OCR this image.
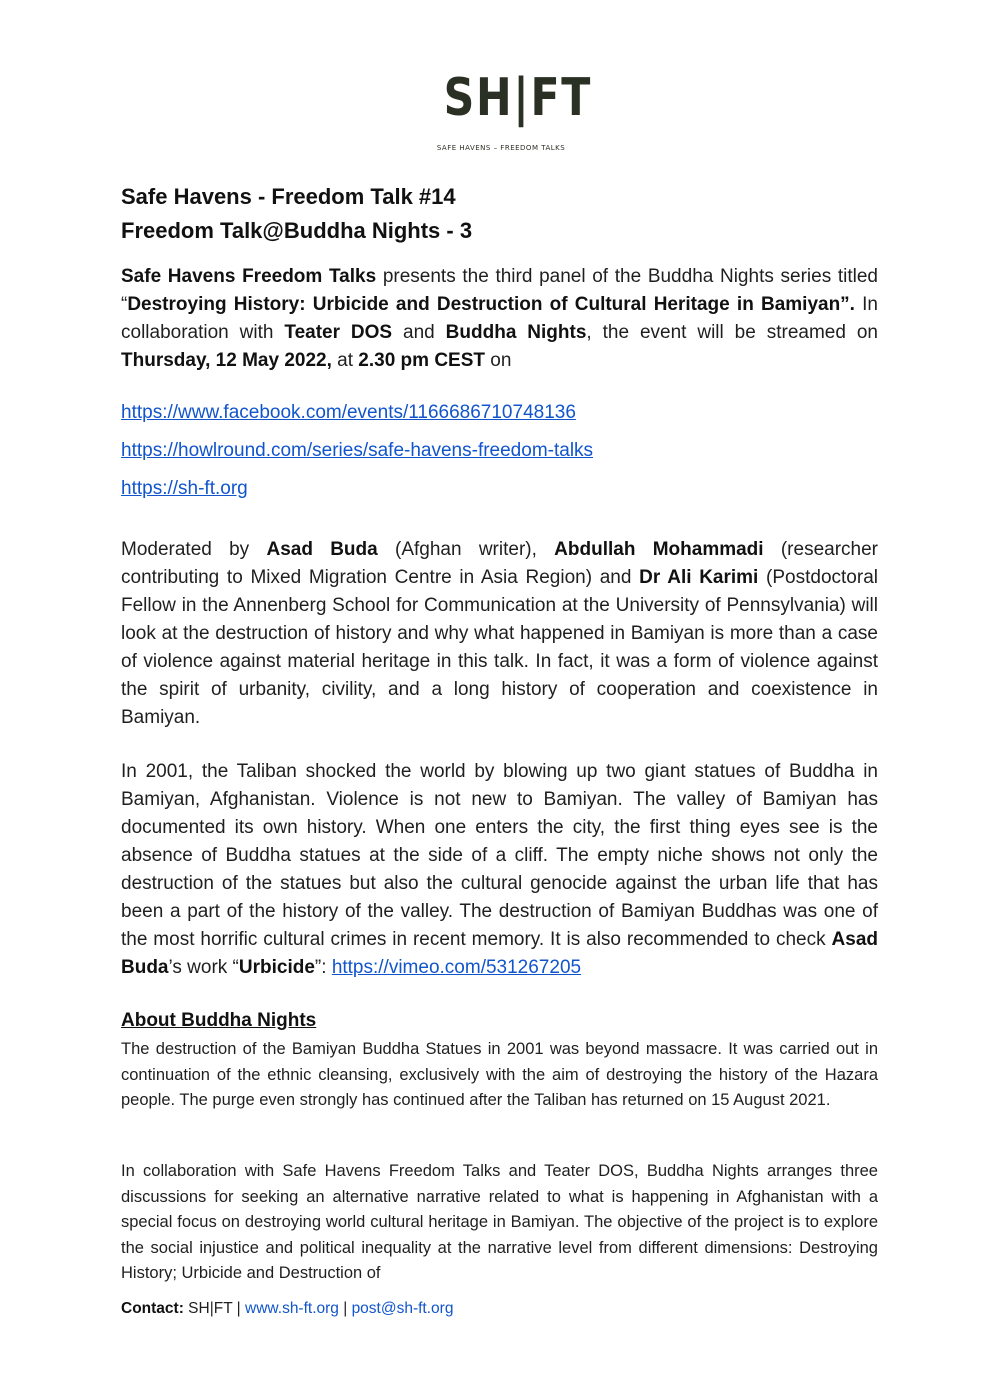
SH|FT
SAFE HAVENS – FREEDOM TALKS
Safe Havens - Freedom Talk #14
Freedom Talk@Buddha Nights - 3

Safe Havens Freedom Talks presents the third panel of the Buddha Nights series titled “Destroying History: Urbicide and Destruction of Cultural Heritage in Bamiyan”. In collaboration with Teater DOS and Buddha Nights, the event will be streamed on Thursday, 12 May 2022, at 2.30 pm CEST on

https://www.facebook.com/events/1166686710748136
https://howlround.com/series/safe-havens-freedom-talks
https://sh-ft.org

Moderated by Asad Buda (Afghan writer), Abdullah Mohammadi (researcher contributing to Mixed Migration Centre in Asia Region) and Dr Ali Karimi (Postdoctoral Fellow in the Annenberg School for Communication at the University of Pennsylvania) will look at the destruction of history and why what happened in Bamiyan is more than a case of violence against material heritage in this talk. In fact, it was a form of violence against the spirit of urbanity, civility, and a long history of cooperation and coexistence in Bamiyan.

In 2001, the Taliban shocked the world by blowing up two giant statues of Buddha in Bamiyan, Afghanistan. Violence is not new to Bamiyan. The valley of Bamiyan has documented its own history. When one enters the city, the first thing eyes see is the absence of Buddha statues at the side of a cliff. The empty niche shows not only the destruction of the statues but also the cultural genocide against the urban life that has been a part of the history of the valley. The destruction of Bamiyan Buddhas was one of the most horrific cultural crimes in recent memory. It is also recommended to check Asad Buda’s work “Urbicide”: https://vimeo.com/531267205

About Buddha Nights

The destruction of the Bamiyan Buddha Statues in 2001 was beyond massacre. It was carried out in continuation of the ethnic cleansing, exclusively with the aim of destroying the history of the Hazara people. The purge even strongly has continued after the Taliban has returned on 15 August 2021.

In collaboration with Safe Havens Freedom Talks and Teater DOS, Buddha Nights arranges three discussions for seeking an alternative narrative related to what is happening in Afghanistan with a special focus on destroying world cultural heritage in Bamiyan. The objective of the project is to explore the social injustice and political inequality at the narrative level from different dimensions: Destroying History; Urbicide and Destruction of

Contact: SH|FT | www.sh-ft.org | post@sh-ft.org
